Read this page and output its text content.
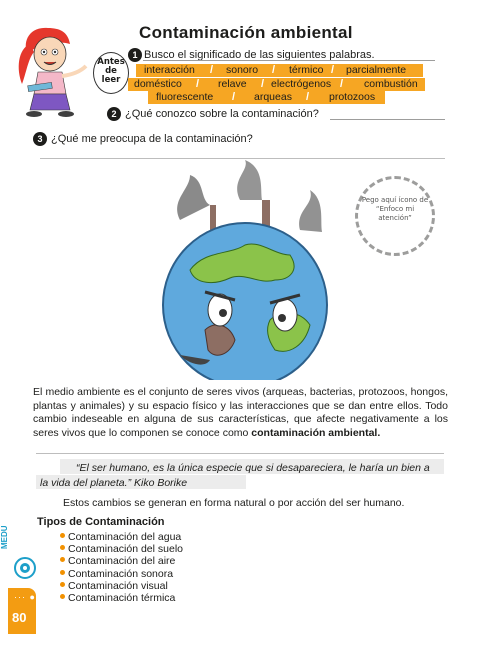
Contaminación ambiental
Antes
de
leer
1 Busco el significado de las siguientes palabras.
interacción / sonoro / térmico / parcialmente
doméstico / relave / electrógenos / combustión
fluorescente / arqueas / protozoos
2 ¿Qué conozco sobre la contaminación?
3 ¿Qué me preocupa de la contaminación?
Pego aquí ícono de “Enfoco mi atención”

El medio ambiente es el conjunto de seres vivos (arqueas, bacterias, protozoos, hongos, plantas y animales) y su espacio físico y las interacciones que se dan entre ellos. Todo cambio indeseable en alguna de sus características, que afecte negativamente a los seres vivos que lo componen se conoce como contaminación ambiental.

“El ser humano, es la única especie que si desapareciera, le haría un bien a la vida del planeta.” Kiko Borike
Estos cambios se generan en forma natural o por acción del ser humano.
Tipos de Contaminación
Contaminación del agua
Contaminación del suelo
Contaminación del aire
Contaminación sonora
Contaminación visual
Contaminación térmica
MEDU
··· ●
80
